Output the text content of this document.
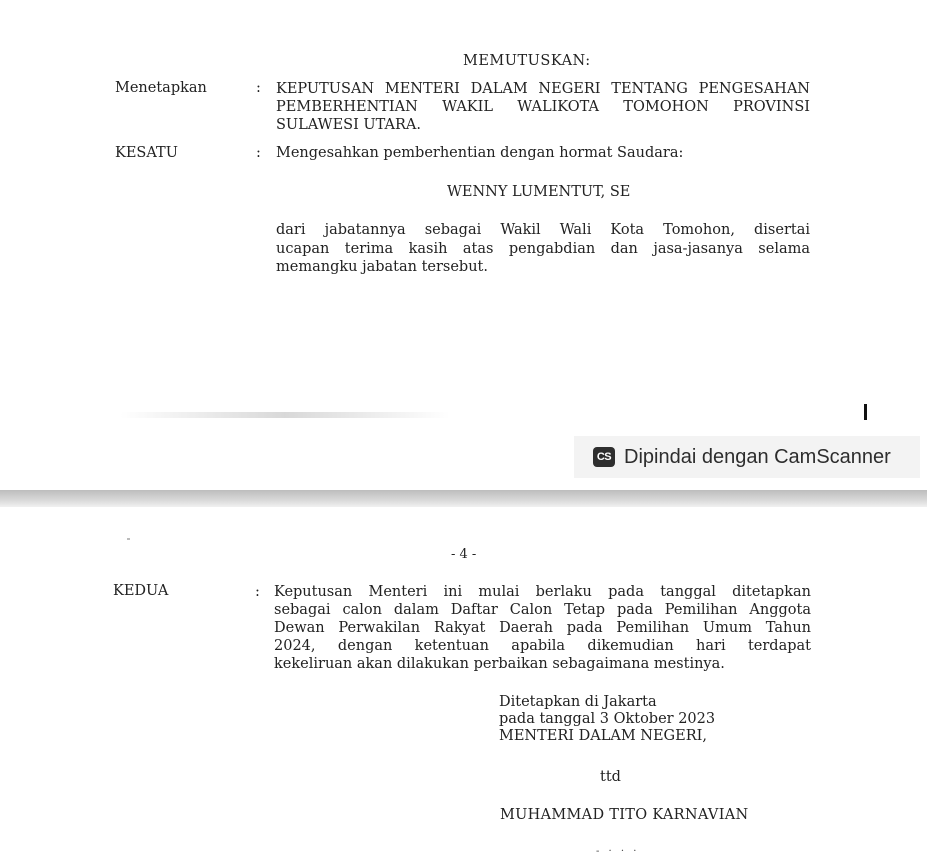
MEMUTUSKAN:
Menetapkan	: KEPUTUSAN MENTERI DALAM NEGERI TENTANG PENGESAHAN
PEMBERHENTIAN WAKIL WALIKOTA TOMOHON PROVINSI
SULAWESI UTARA.
KESATU	: Mengesahkan pemberhentian dengan hormat Saudara:
WENNY LUMENTUT, SE
dari jabatannya sebagai Wakil Wali Kota Tomohon, disertai
ucapan terima kasih atas pengabdian dan jasa-jasanya selama
memangku jabatan tersebut.
CS Dipindai dengan CamScanner
- 4 -
KEDUA	: Keputusan Menteri ini mulai berlaku pada tanggal ditetapkan
sebagai calon dalam Daftar Calon Tetap pada Pemilihan Anggota
Dewan Perwakilan Rakyat Daerah pada Pemilihan Umum Tahun
2024, dengan ketentuan apabila dikemudian hari terdapat
kekeliruan akan dilakukan perbaikan sebagaimana mestinya.
Ditetapkan di Jakarta
pada tanggal 3 Oktober 2023
MENTERI DALAM NEGERI,
ttd
MUHAMMAD TITO KARNAVIAN
- · · ·
